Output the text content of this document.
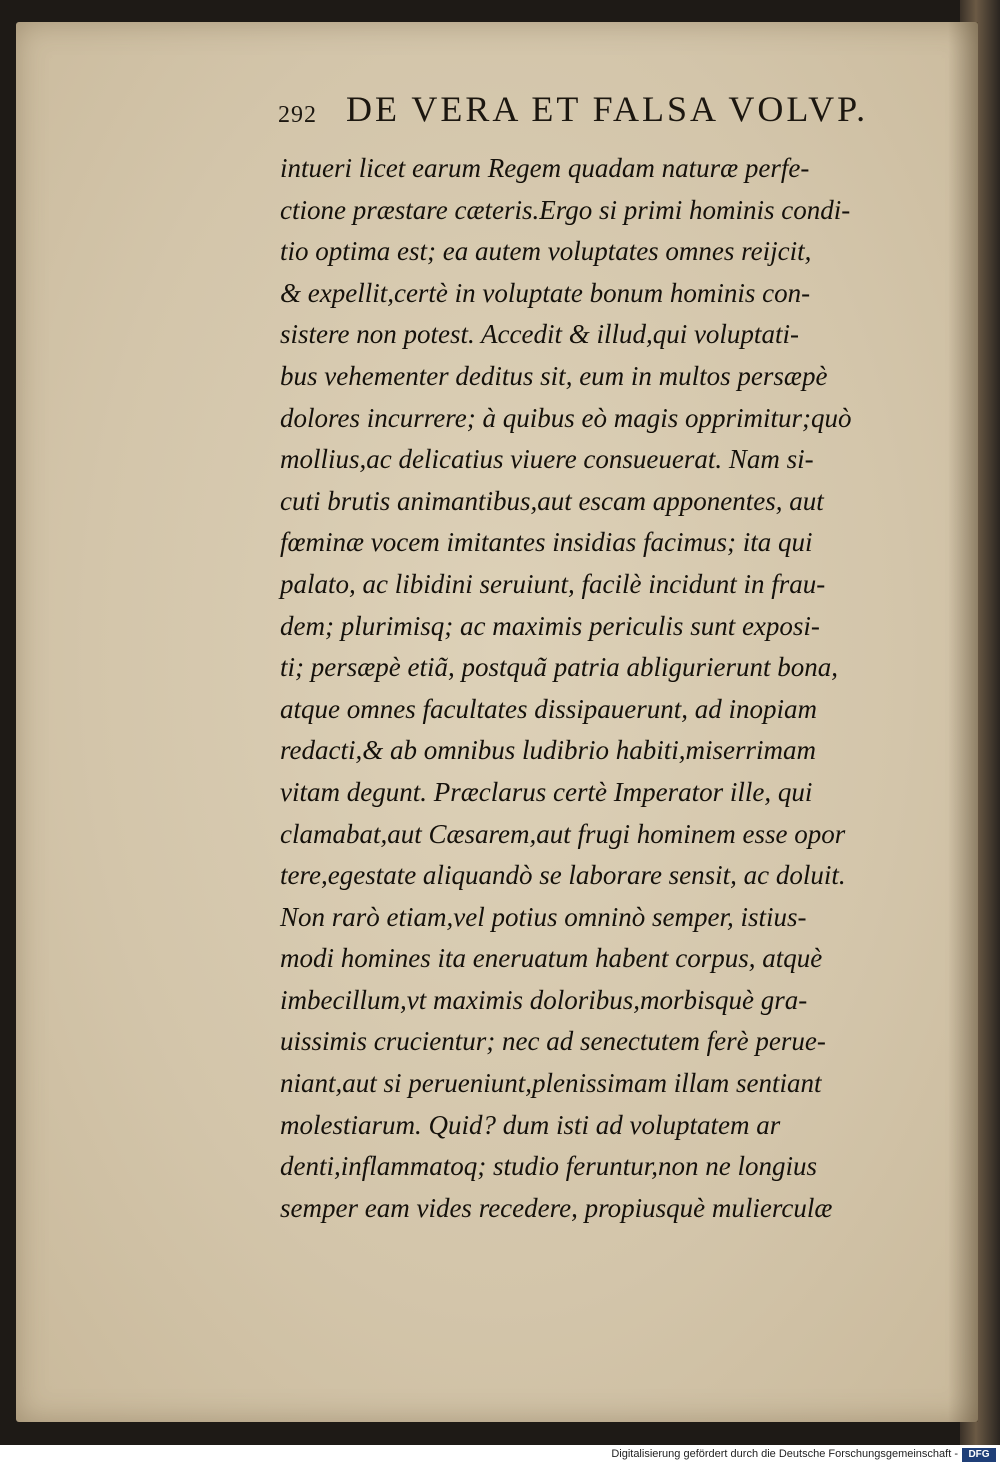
292 DE VERA ET FALSA VOLVP.
intueri licet earum Regem quadam naturæ perfe-
ctione præstare cæteris.Ergo si primi hominis condi-
tio optima est; ea autem voluptates omnes reijcit,
& expellit,certè in voluptate bonum hominis con-
sistere non potest. Accedit & illud,qui voluptati-
bus vehementer deditus sit, eum in multos persæpè
dolores incurrere; à quibus eò magis opprimitur;quò
mollius,ac delicatius viuere consueuerat. Nam si-
cuti brutis animantibus,aut escam apponentes, aut
fœminæ vocem imitantes insidias facimus; ita qui
palato, ac libidini seruiunt, facilè incidunt in frau-
dem; plurimisq; ac maximis periculis sunt exposi-
ti; persæpè etiã, postquã patria abligurierunt bona,
atque omnes facultates dissipauerunt, ad inopiam
redacti,& ab omnibus ludibrio habiti,miserrimam
vitam degunt. Præclarus certè Imperator ille, qui
clamabat,aut Cæsarem,aut frugi hominem esse opor
tere,egestate aliquandò se laborare sensit, ac doluit.
Non rarò etiam,vel potius omninò semper, istius-
modi homines ita eneruatum habent corpus, atquè
imbecillum,vt maximis doloribus,morbisquè gra-
uissimis crucientur; nec ad senectutem ferè perue-
niant,aut si perueniunt,plenissimam illam sentiant
molestiarum. Quid? dum isti ad voluptatem ar
denti,inflammatoq; studio feruntur,non ne longius
semper eam vides recedere, propiusquè mulierculæ
Digitalisierung gefördert durch die Deutsche Forschungsgemeinschaft -	DFG
